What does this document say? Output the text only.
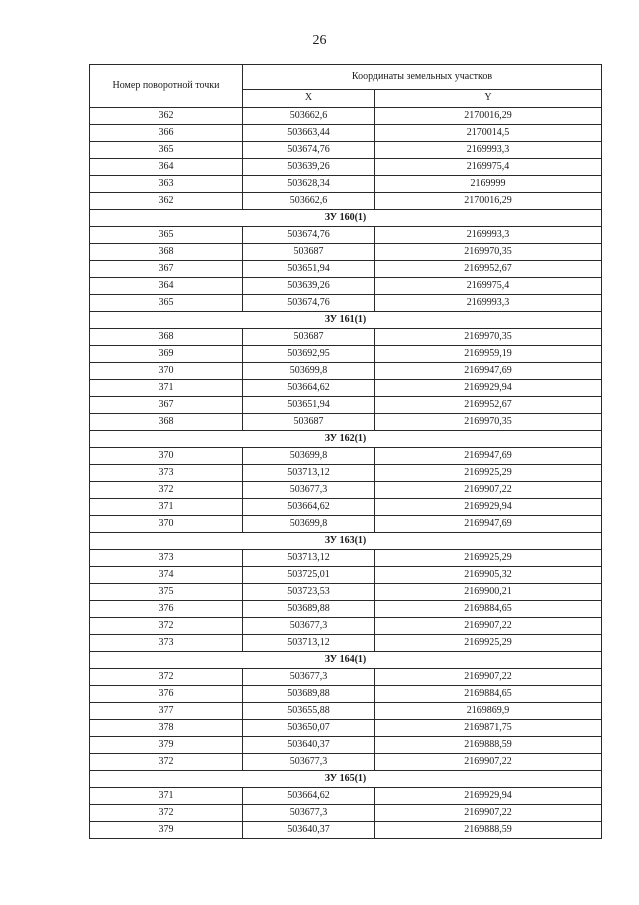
26
Номер поворотной точки	Координаты земельных участков	
	X	Y
362	503662,6	2170016,29
366	503663,44	2170014,5
365	503674,76	2169993,3
364	503639,26	2169975,4
363	503628,34	2169999
362	503662,6	2170016,29
ЗУ 160(1)		
365	503674,76	2169993,3
368	503687	2169970,35
367	503651,94	2169952,67
364	503639,26	2169975,4
365	503674,76	2169993,3
ЗУ 161(1)		
368	503687	2169970,35
369	503692,95	2169959,19
370	503699,8	2169947,69
371	503664,62	2169929,94
367	503651,94	2169952,67
368	503687	2169970,35
ЗУ 162(1)		
370	503699,8	2169947,69
373	503713,12	2169925,29
372	503677,3	2169907,22
371	503664,62	2169929,94
370	503699,8	2169947,69
ЗУ 163(1)		
373	503713,12	2169925,29
374	503725,01	2169905,32
375	503723,53	2169900,21
376	503689,88	2169884,65
372	503677,3	2169907,22
373	503713,12	2169925,29
ЗУ 164(1)		
372	503677,3	2169907,22
376	503689,88	2169884,65
377	503655,88	2169869,9
378	503650,07	2169871,75
379	503640,37	2169888,59
372	503677,3	2169907,22
ЗУ 165(1)		
371	503664,62	2169929,94
372	503677,3	2169907,22
379	503640,37	2169888,59
